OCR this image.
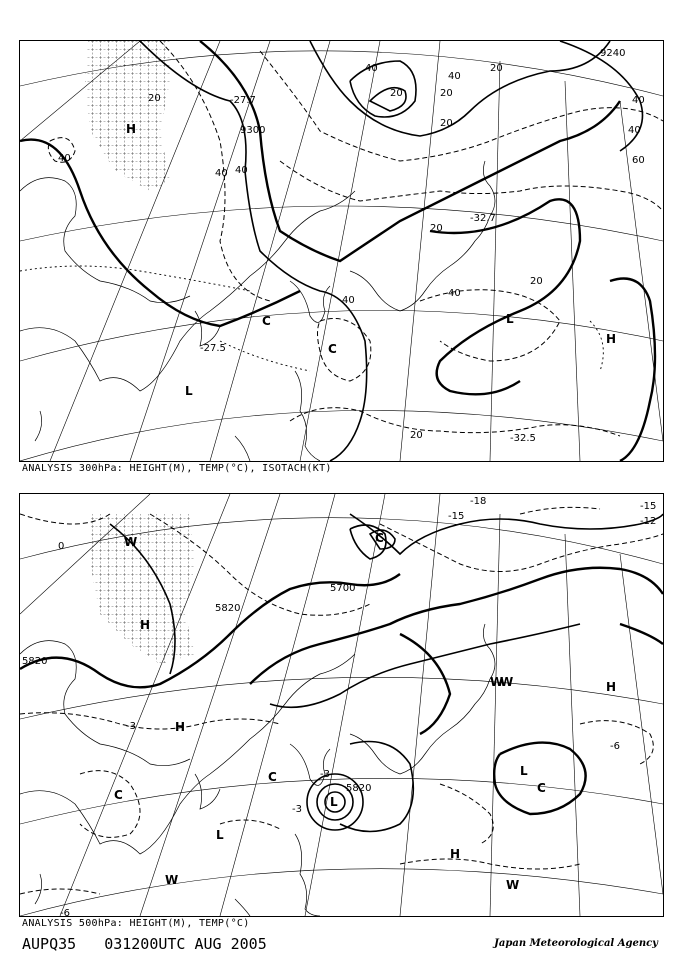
9300
9240
40
20
40 40
40
20
40
20
20
20
40
40
40
20
60
40
20
20
-27.7
-32.7
-27.5
-32.5
H
L
C
C
L
H
ANALYSIS 300hPa: HEIGHT(M), TEMP(°C), ISOTACH(KT)
5820
5700
5820
5820
0
-3
-3
-6
-15	-12
-15
-18
-3
-6
W
H
H
C
L
W
H
W
L
C
L
H
W
C
W
C
ANALYSIS 500hPa: HEIGHT(M), TEMP(°C)
AUPQ35 031200UTC AUG 2005	Japan Meteorological Agency
